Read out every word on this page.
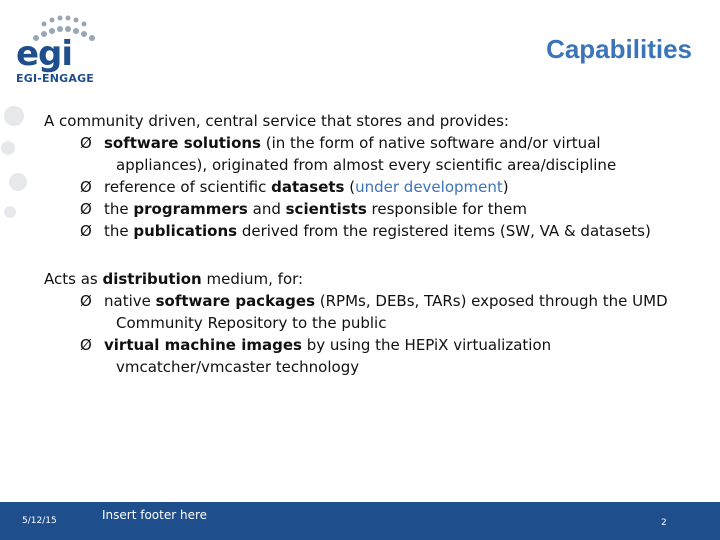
egi
EGI-ENGAGE
Capabilities

A community driven, central service that stores and provides:

Ø software solutions (in the form of native software and/or virtual
appliances), originated from almost every scientific area/discipline
Ø reference of scientific datasets (under development)
Ø the programmers and scientists responsible for them
Ø the publications derived from the registered items (SW, VA & datasets)

Acts as distribution medium, for:

Ø native software packages (RPMs, DEBs, TARs) exposed through the UMD
Community Repository to the public
Ø virtual machine images by using the HEPiX virtualization
vmcatcher/vmcaster technology
5/12/15	Insert footer here
2
